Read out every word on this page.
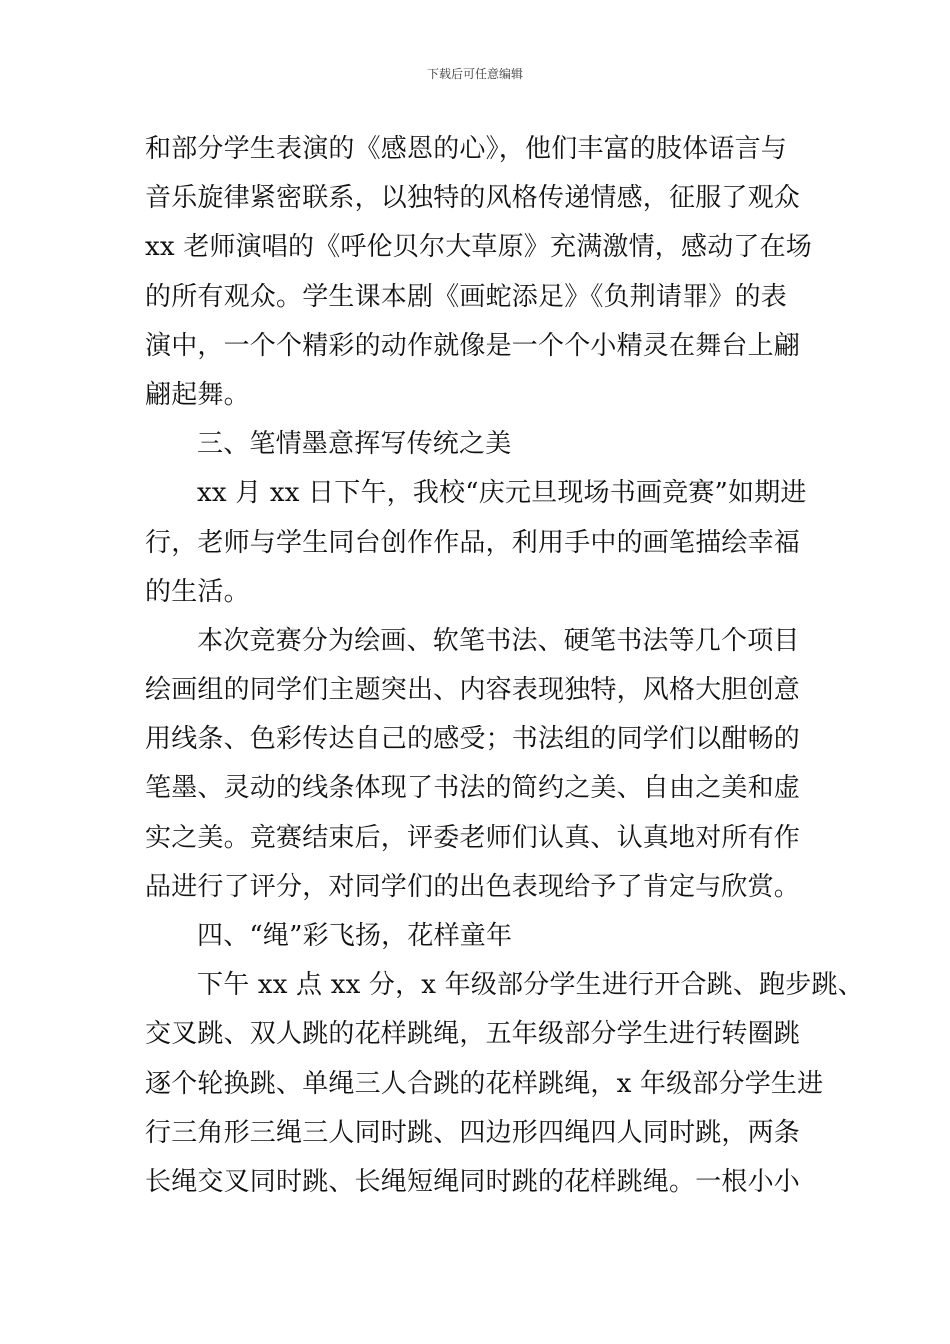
下载后可任意编辑
和部分学生表演的《感恩的心》，他们丰富的肢体语言与
音乐旋律紧密联系，以独特的风格传递情感，征服了观众
xx 老师演唱的《呼伦贝尔大草原》充满激情，感动了在场
的所有观众。学生课本剧《画蛇添足》《负荆请罪》的表
演中，一个个精彩的动作就像是一个个小精灵在舞台上翩
翩起舞。
三、笔情墨意挥写传统之美
xx 月 xx 日下午，我校“庆元旦现场书画竞赛”如期进
行，老师与学生同台创作作品，利用手中的画笔描绘幸福
的生活。
本次竞赛分为绘画、软笔书法、硬笔书法等几个项目
绘画组的同学们主题突出、内容表现独特，风格大胆创意
用线条、色彩传达自己的感受；书法组的同学们以酣畅的
笔墨、灵动的线条体现了书法的简约之美、自由之美和虚
实之美。竞赛结束后，评委老师们认真、认真地对所有作
品进行了评分，对同学们的出色表现给予了肯定与欣赏。
四、“绳”彩飞扬，花样童年
下午 xx 点 xx 分，x 年级部分学生进行开合跳、跑步跳、
交叉跳、双人跳的花样跳绳，五年级部分学生进行转圈跳
逐个轮换跳、单绳三人合跳的花样跳绳，x 年级部分学生进
行三角形三绳三人同时跳、四边形四绳四人同时跳，两条
长绳交叉同时跳、长绳短绳同时跳的花样跳绳。一根小小
